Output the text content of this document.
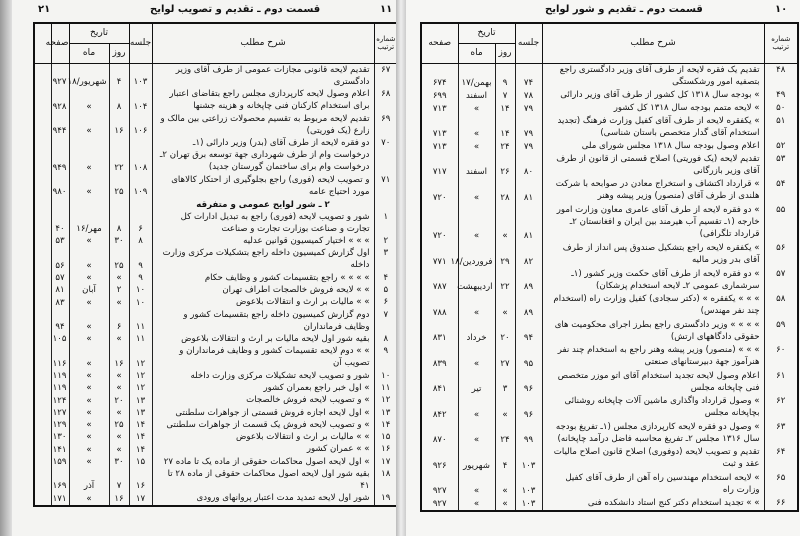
۲۱	۱۱
قسمت دوم ـ تقدیم و تصویب لوایح
شماره ترتیب	شرح مطلب	جلسه	تاریخ		صفحه	
			روز	ماه		
۶۷	تقدیم لایحه قانونی مجازات عمومی از طرف آقای وزیر دادگستری	۱۰۳	۴	شهریور/۱۸	۹۲۷	
۶۸	اعلام وصول لایحه کارپردازی مجلس راجع بتقاضای اعتبار برای استخدام کارکنان فنی چاپخانه و هزینه جشنها	۱۰۴	۸	»	۹۲۸	
۶۹	تقدیم لایحه مربوط به تقسیم محصولات زراعتی بین مالک و زارع (یک فوریتی)	۱۰۶	۱۶	»	۹۴۴	
۷۰	دو فقره لایحه از طرف آقای (بدر) وزیر دارائی (۱ـ درخواست وام از طرف شهرداری جهة توسعه برق تهران ۲ـ درخواست وام برای ساختمان گورستان جدید)	۱۰۸	۲۲	»	۹۴۹	
۷۱	و تصویب لایحه (فوری) راجع بجلوگیری از احتکار کالاهای مورد احتیاج عامه	۱۰۹	۲۵	»	۹۸۰	
	۲ ـ شور لوایح عمومی و متفرقه					
۱	شور و تصویب لایحه (فوری) راجع به تبدیل ادارات کل تجارت و صناعت بوزارت تجارت و صناعت	۶	۸	مهر/۱۶	۴۰	
۲	» » » اختیار کمیسیون قوانین عدلیه	۸	۳۰	»	۵۳	
۳	اول گزارش کمیسیون داخله راجع بتشکیلات مرکزی وزارت داخله	۹	۲۵	»	۵۶	
۴	» » » » راجع بتقسیمات کشور و وظایف حکام	۹	»	»	۵۷	
۵	» » لایحه فروش خالصجات اطراف تهران	۱۰	۲	آبان	۸۱	
۶	» » مالیات بر ارث و انتقالات بلاعوض	۱۰	»	»	۸۳	
۷	دوم گزارش کمیسیون داخله راجع بتقسیمات کشور و وظایف فرمانداران	۱۱	۶	»	۹۴	
۸	بقیه شور اول لایحه مالیات بر ارث و انتقالات بلاعوض	۱۱	»	»	۱۰۵	
۹	» » دوم لایحه تقسیمات کشور و وظایف فرمانداران و تصویب آن	۱۲	۱۶	»	۱۱۶	
۱۰	شور و تصویب لایحه تشکیلات مرکزی وزارت داخله	۱۲	»	»	۱۱۹	
۱۱	» اول خبر راجع بعمران کشور	۱۲	»	»	۱۱۹	
۱۲	» و تصویب لایحه فروش خالصجات	۱۳	۲۰	»	۱۲۴	
۱۳	» اول لایحه اجازه فروش قسمتی از جواهرات سلطنتی	۱۳	»	»	۱۲۷	
۱۴	» و تصویب لایحه فروش یک قسمت از جواهرات سلطنتی	۱۴	۲۵	»	۱۲۹	
۱۵	» » مالیات بر ارث و انتقالات بلاعوض	۱۴	»	»	۱۳۰	
۱۶	» » عمران کشور	۱۴	»	»	۱۴۱	
۱۷	» اول لایحه اصول محاکمات حقوقی از ماده یک تا ماده ۲۷	۱۵	۳۰	»	۱۵۹	
۱۸	بقیه شور اول لایحه اصول محاکمات حقوقی از ماده ۲۸ تا ۴۱	۱۶	۷	آذر	۱۶۹	
۱۹	شور اول لایحه تمدید مدت اعتبار پروانهای ورودی	۱۷	۱۶	»	۱۷۱	
۱۰
قسمت دوم ـ تقدیم و شور لوایح
شماره ترتیب	شرح مطلب	جلسه	تاریخ		صفحه
			روز	ماه	
۴۸	تقدیم یک فقره لایحه از طرف آقای وزیر دادگستری راجع بتصفیه امور ورشکستگی	۷۴	۹	بهمن/۱۷	۶۷۴
۴۹	» بودجه سال ۱۳۱۸ کل کشور از طرف آقای وزیر دارائی	۷۸	۷	اسفند	۶۹۹
۵۰	» لایحه متمم بودجه سال ۱۳۱۸ کل کشور	۷۹	۱۴	»	۷۱۳
۵۱	» یکفقره لایحه از طرف آقای کفیل وزارت فرهنگ (تجدید استخدام آقای گدار متخصص باستان شناسی)	۷۹	۱۴	»	۷۱۳
۵۲	اعلام وصول بودجه سال ۱۳۱۸ مجلس شورای ملی	۷۹	۲۴	»	۷۱۳
۵۳	تقدیم لایحه (یک فوریتی) اصلاح قسمتی از قانون از طرف آقای وزیر بازرگانی	۸۰	۲۶	اسفند	۷۱۷
۵۴	» قرارداد اکتشاف و استخراج معادن در صوابحه با شرکت هلندی از طرف آقای (منصور) وزیر پیشه وهنر	۸۱	۲۸	»	۷۲۰
۵۵	» دو فقره لایحه از طرف آقای عامری معاون وزارت امور خارجه (۱ـ تقسیم آب هیرمند بین ایران و افغانستان ۲ـ قرارداد تلگرافی)	۸۱	»	»	۷۲۰
۵۶	» یکفقره لایحه راجع بتشکیل صندوق پس انداز از طرف آقای بدر وزیر مالیه	۸۲	۲۹	فروردین/۱۸	۷۷۱
۵۷	» دو فقره لایحه از طرف آقای حکمت وزیر کشور (۱ـ سرشماری عمومی ۲ـ لایحه استخدام پزشکان)	۸۹	۲۲	اردیبهشت	۷۸۷
۵۸	» » » یکفقره » (دکتر سجادی) کفیل وزارت راه (استخدام چند نفر مهندس)	۸۹	»	»	۷۸۸
۵۹	» » » » وزیر دادگستری راجع بطرز اجرای محکومیت های حقوقی دادگاههای ارتش)	۹۴	۲۰	خرداد	۸۳۱
۶۰	» » » (منصور) وزیر پیشه وهنر راجع به استخدام چند نفر هنرآموز جهة دبیرستانهای صنعتی	۹۵	۲۷	»	۸۳۹
۶۱	اعلام وصول لایحه تجدید استخدام آقای اتو موزر متخصص فنی چاپخانه مجلس	۹۶	۳	تیر	۸۴۱
۶۲	» وصول قرارداد واگذاری ماشین آلات چاپخانه روشنائی بچاپخانه مجلس	۹۶	»	»	۸۴۲
۶۳	» وصول دو فقره لایحه کارپردازی مجلس (۱ـ تفریغ بودجه سال ۱۳۱۶ مجلس ۲ـ تفریغ محاسبه فاضل درآمد چاپخانه)	۹۹	۲۴	»	۸۷۰
۶۴	تقدیم و تصویب لایحه (دوفوری) اصلاح قانون اصلاح مالیات عقد و ثبت	۱۰۳	۴	شهریور	۹۲۶
۶۵	» لایحه استخدام مهندسین راه آهن از طرف آقای کفیل وزارت راه	۱۰۳	»	»	۹۲۷
۶۶	» » تجدید استخدام دکتر کنج استاد دانشکده فنی	۱۰۳	»	»	۹۲۷
